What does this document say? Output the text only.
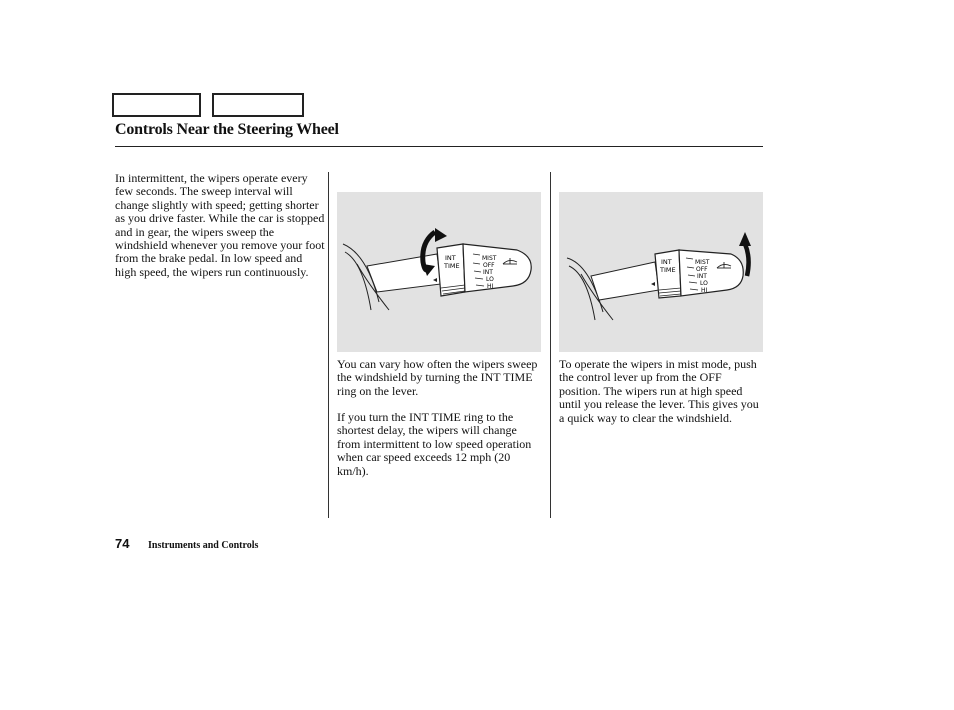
Controls Near the Steering Wheel

In intermittent, the wipers operate every few seconds. The sweep interval will change slightly with speed; getting shorter as you drive faster. While the car is stopped and in gear, the wipers sweep the windshield whenever you remove your foot from the brake pedal. In low speed and high speed, the wipers run continuously.

INT
TIME
MIST
OFF
INT
LO
HI
INT
TIME
MIST
OFF
INT
LO
HI

You can vary how often the wipers sweep the windshield by turning the INT TIME ring on the lever.

If you turn the INT TIME ring to the shortest delay, the wipers will change from intermittent to low speed operation when car speed exceeds 12 mph (20 km/h).

To operate the wipers in mist mode, push the control lever up from the OFF position. The wipers run at high speed until you release the lever. This gives you a quick way to clear the windshield.

74 Instruments and Controls
